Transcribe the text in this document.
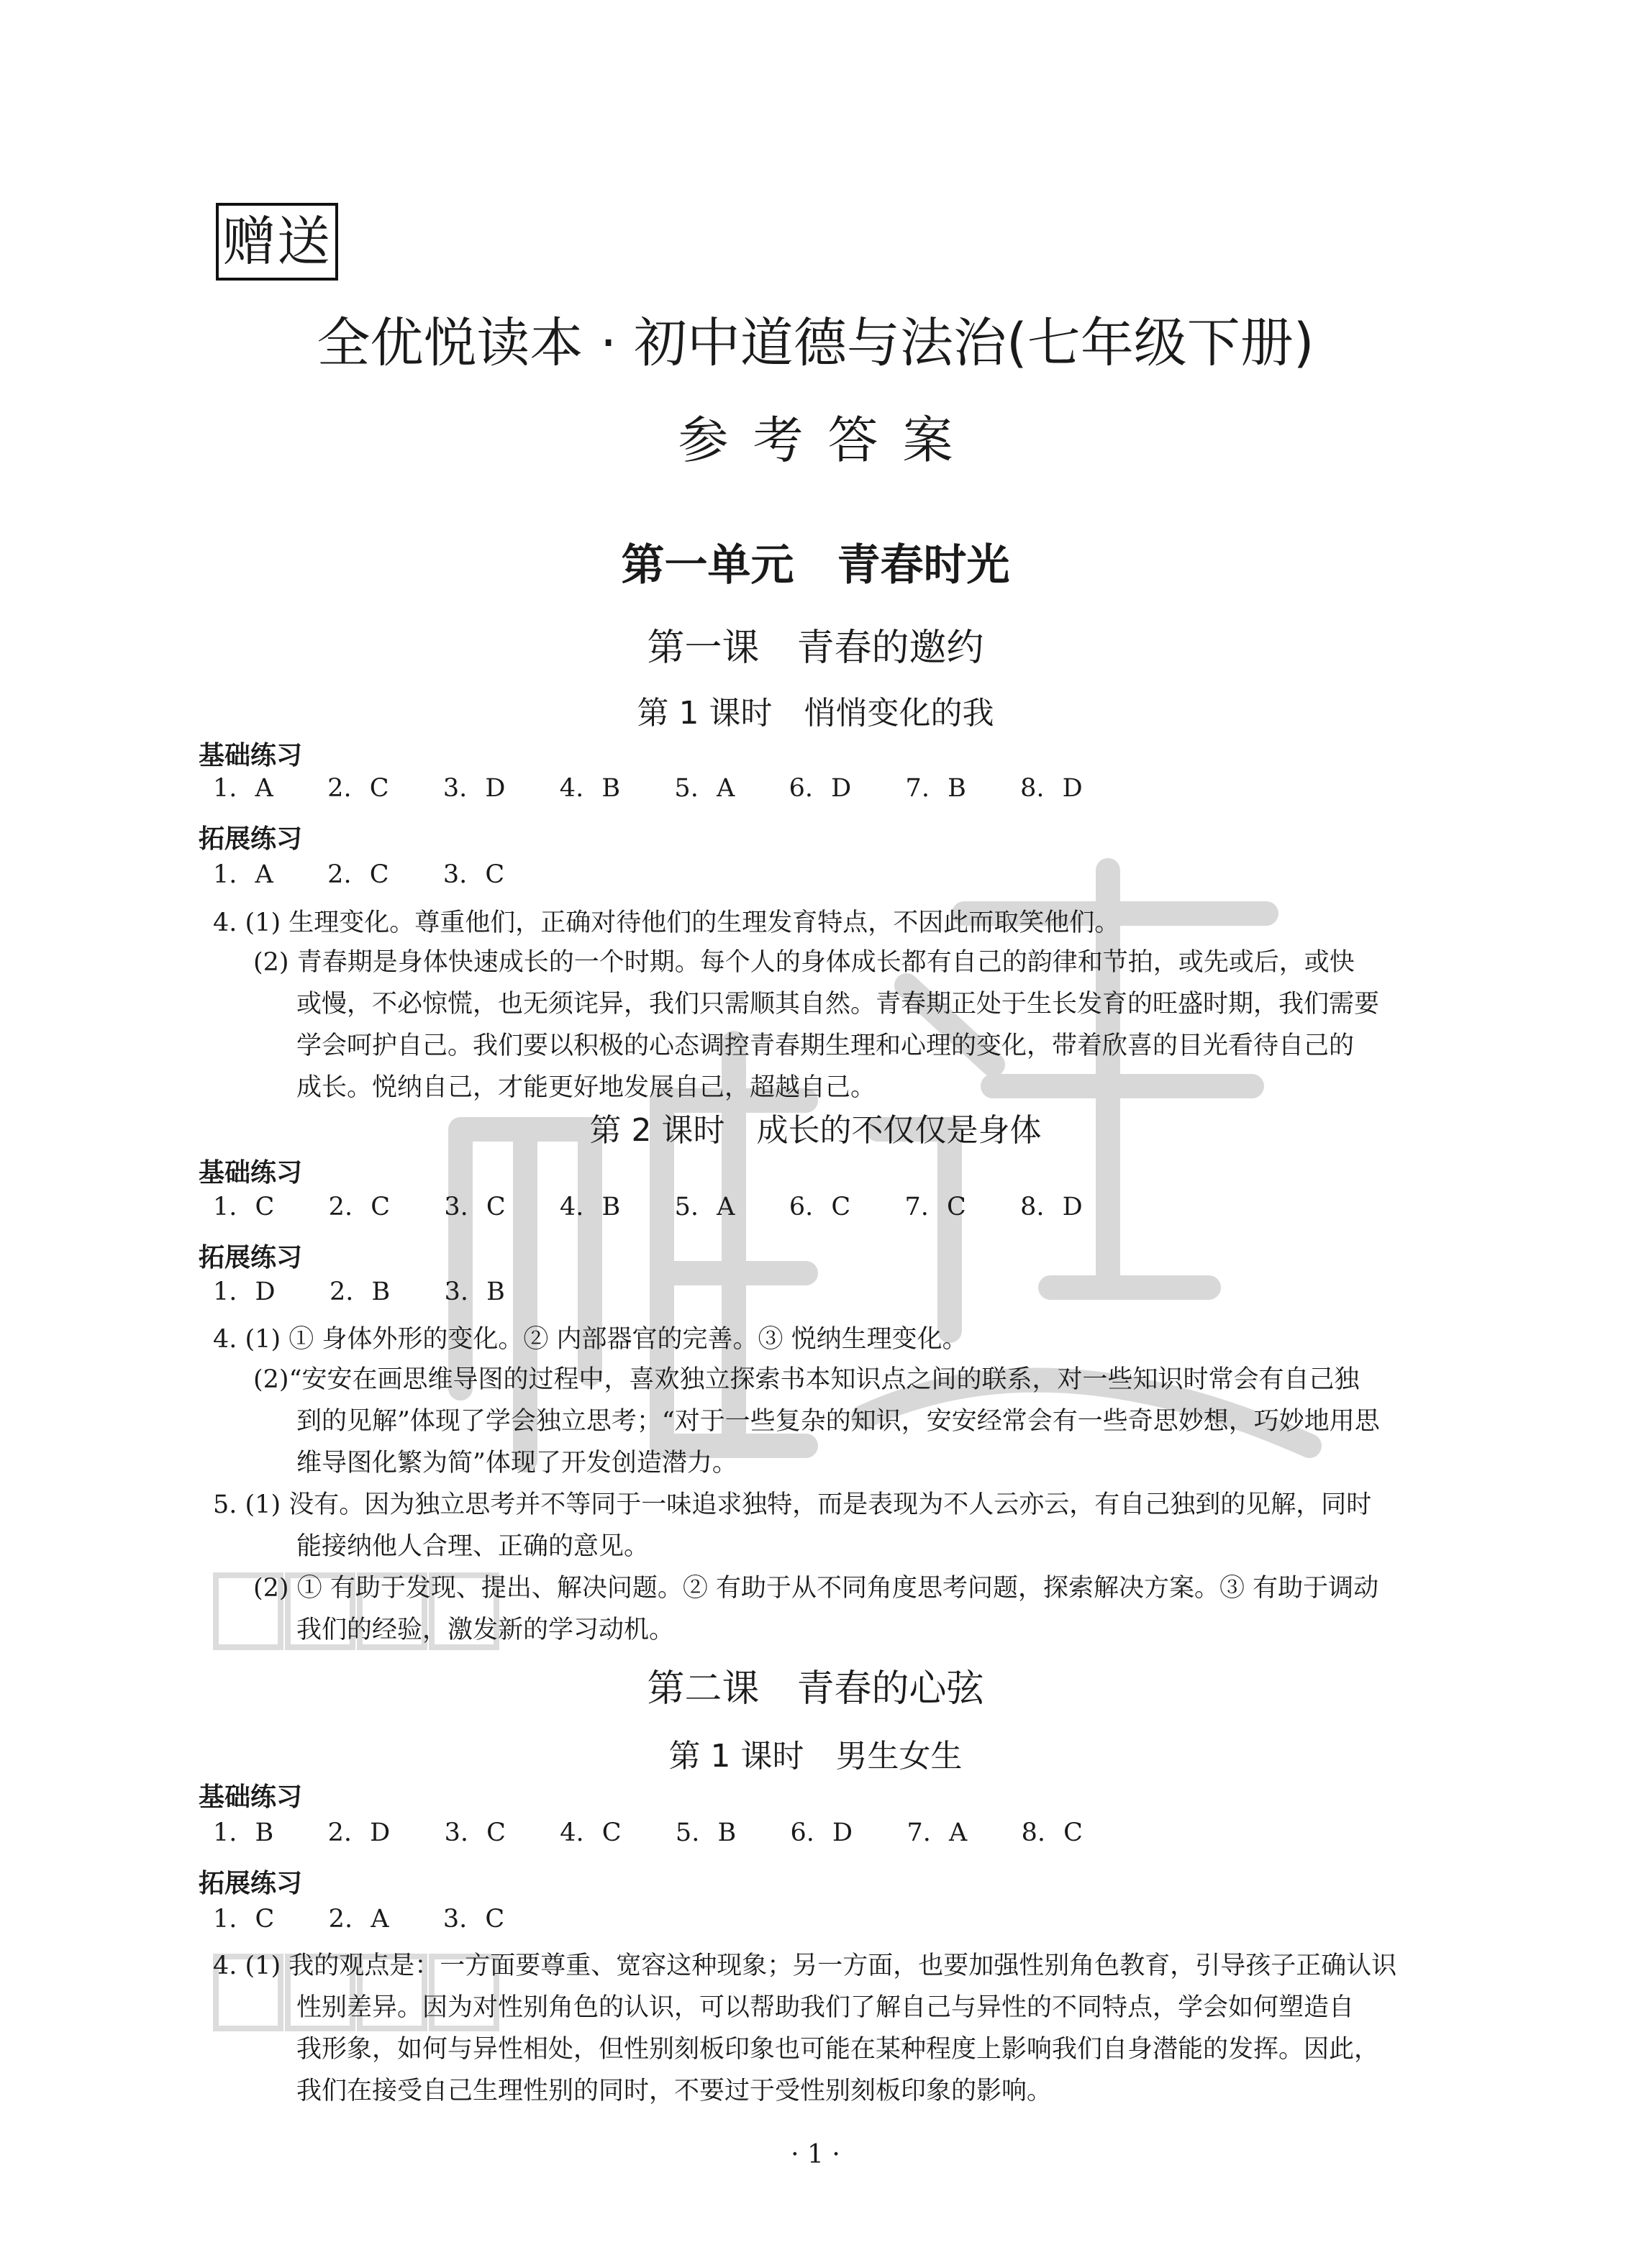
赠送
全优悦读本 · 初中道德与法治(七年级下册)
参考答案
第一单元　青春时光
第一课　青春的邀约
第 1 课时　悄悄变化的我
基础练习
1. A   2. C   3. D   4. B   5. A   6. D   7. B   8. D
拓展练习
1. A   2. C   3. C
4. (1) 生理变化。尊重他们，正确对待他们的生理发育特点，不因此而取笑他们。
(2) 青春期是身体快速成长的一个时期。每个人的身体成长都有自己的韵律和节拍，或先或后，或快
或慢，不必惊慌，也无须诧异，我们只需顺其自然。青春期正处于生长发育的旺盛时期，我们需要
学会呵护自己。我们要以积极的心态调控青春期生理和心理的变化，带着欣喜的目光看待自己的
成长。悦纳自己，才能更好地发展自己，超越自己。
第 2 课时　成长的不仅仅是身体
基础练习
1. C   2. C   3. C   4. B   5. A   6. C   7. C   8. D
拓展练习
1. D   2. B   3. B
4. (1) ① 身体外形的变化。② 内部器官的完善。③ 悦纳生理变化。
(2)“安安在画思维导图的过程中，喜欢独立探索书本知识点之间的联系，对一些知识时常会有自己独
到的见解”体现了学会独立思考；“对于一些复杂的知识，安安经常会有一些奇思妙想，巧妙地用思
维导图化繁为简”体现了开发创造潜力。
5. (1) 没有。因为独立思考并不等同于一味追求独特，而是表现为不人云亦云，有自己独到的见解，同时
能接纳他人合理、正确的意见。
(2) ① 有助于发现、提出、解决问题。② 有助于从不同角度思考问题，探索解决方案。③ 有助于调动
我们的经验，激发新的学习动机。
第二课　青春的心弦
第 1 课时　男生女生
基础练习
1. B   2. D   3. C   4. C   5. B   6. D   7. A   8. C
拓展练习
1. C   2. A   3. C
4. (1) 我的观点是：一方面要尊重、宽容这种现象；另一方面，也要加强性别角色教育，引导孩子正确认识
性别差异。因为对性别角色的认识，可以帮助我们了解自己与异性的不同特点，学会如何塑造自
我形象，如何与异性相处，但性别刻板印象也可能在某种程度上影响我们自身潜能的发挥。因此，
我们在接受自己生理性别的同时，不要过于受性别刻板印象的影响。
· 1 ·
